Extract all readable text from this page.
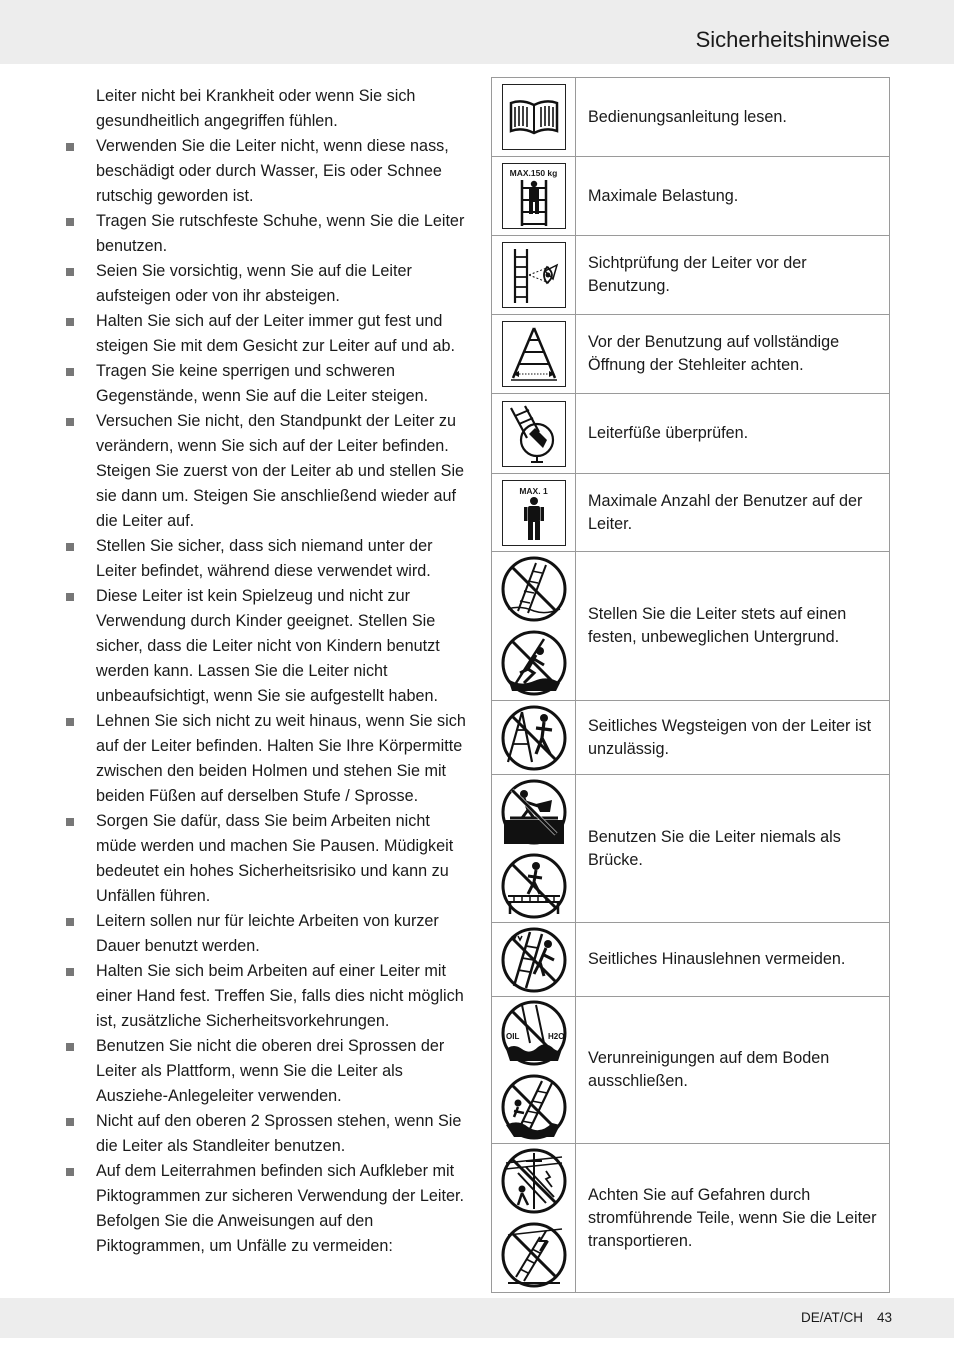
Sicherheitshinweise
Leiter nicht bei Krankheit oder wenn Sie sich gesundheitlich angegriffen fühlen.
Verwenden Sie die Leiter nicht, wenn diese nass, beschädigt oder durch Wasser, Eis oder Schnee rutschig geworden ist.
Tragen Sie rutschfeste Schuhe, wenn Sie die Leiter benutzen.
Seien Sie vorsichtig, wenn Sie auf die Leiter aufsteigen oder von ihr absteigen.
Halten Sie sich auf der Leiter immer gut fest und steigen Sie mit dem Gesicht zur Leiter auf und ab.
Tragen Sie keine sperrigen und schweren Gegenstände, wenn Sie auf die Leiter steigen.
Versuchen Sie nicht, den Standpunkt der Leiter zu verändern, wenn Sie sich auf der Leiter befinden. Steigen Sie zuerst von der Leiter ab und stellen Sie sie dann um. Steigen Sie anschließend wieder auf die Leiter auf.
Stellen Sie sicher, dass sich niemand unter der Leiter befindet, während diese verwendet wird.
Diese Leiter ist kein Spielzeug und nicht zur Verwendung durch Kinder geeignet. Stellen Sie sicher, dass die Leiter nicht von Kindern benutzt werden kann. Lassen Sie die Leiter nicht unbeaufsichtigt, wenn Sie sie aufgestellt haben.
Lehnen Sie sich nicht zu weit hinaus, wenn Sie sich auf der Leiter befinden. Halten Sie Ihre Körpermitte zwischen den beiden Holmen und stehen Sie mit beiden Füßen auf derselben Stufe / Sprosse.
Sorgen Sie dafür, dass Sie beim Arbeiten nicht müde werden und machen Sie Pausen. Müdigkeit bedeutet ein hohes Sicherheitsrisiko und kann zu Unfällen führen.
Leitern sollen nur für leichte Arbeiten von kurzer Dauer benutzt werden.
Halten Sie sich beim Arbeiten auf einer Leiter mit einer Hand fest. Treffen Sie, falls dies nicht möglich ist, zusätzliche Sicherheitsvorkehrungen.
Benutzen Sie nicht die oberen drei Sprossen der Leiter als Plattform, wenn Sie die Leiter als Ausziehe-Anlegeleiter verwenden.
Nicht auf den oberen 2 Sprossen stehen, wenn Sie die Leiter als Standleiter benutzen.
Auf dem Leiterrahmen befinden sich Aufkleber mit Piktogrammen zur sicheren Verwendung der Leiter. Befolgen Sie die Anweisungen auf den Piktogrammen, um Unfälle zu vermeiden:
Bedienungsanleitung lesen.
MAX.150 kg
Maximale Belastung.
Sichtprüfung der Leiter vor der Benutzung.
Vor der Benutzung auf vollständige Öffnung der Stehleiter achten.
Leiterfüße überprüfen.
MAX. 1
Maximale Anzahl der Benutzer auf der Leiter.
Stellen Sie die Leiter stets auf einen festen, unbeweglichen Untergrund.
Seitliches Wegsteigen von der Leiter ist unzulässig.
Benutzen Sie die Leiter niemals als Brücke.
Seitliches Hinauslehnen vermeiden.
OIL	H2O
Verunreinigungen auf dem Boden ausschließen.
Achten Sie auf Gefahren durch stromführende Teile, wenn Sie die Leiter transportieren.
DE/AT/CH 43
